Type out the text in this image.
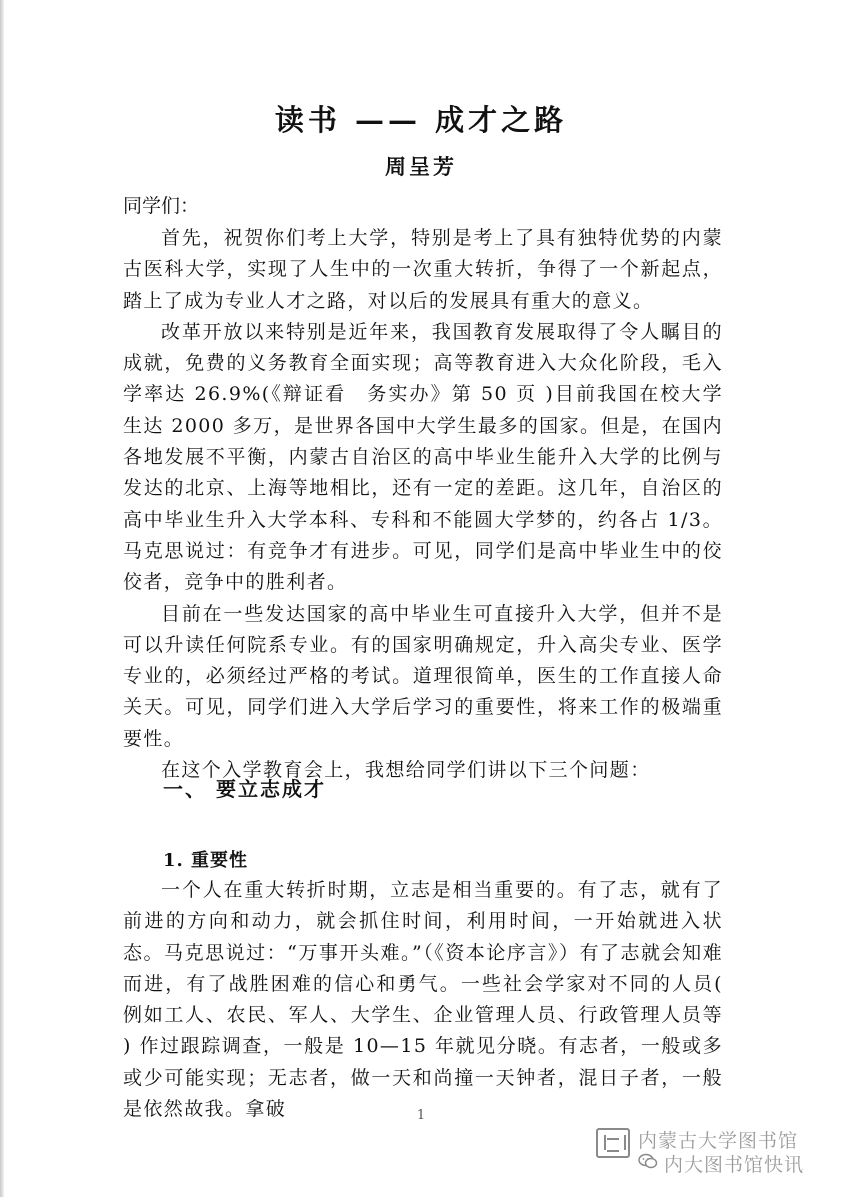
读书 —— 成才之路
周呈芳

同学们：

首先，祝贺你们考上大学，特别是考上了具有独特优势的内蒙古医科大学，实现了人生中的一次重大转折，争得了一个新起点，踏上了成为专业人才之路，对以后的发展具有重大的意义。

改革开放以来特别是近年来，我国教育发展取得了令人瞩目的成就，免费的义务教育全面实现；高等教育进入大众化阶段，毛入学率达 26.9%(《辩证看　务实办》第 50 页 )目前我国在校大学生达 2000 多万，是世界各国中大学生最多的国家。但是，在国内各地发展不平衡，内蒙古自治区的高中毕业生能升入大学的比例与发达的北京、上海等地相比，还有一定的差距。这几年，自治区的高中毕业生升入大学本科、专科和不能圆大学梦的，约各占 1/3。马克思说过：有竞争才有进步。可见，同学们是高中毕业生中的佼佼者，竞争中的胜利者。

目前在一些发达国家的高中毕业生可直接升入大学，但并不是可以升读任何院系专业。有的国家明确规定，升入高尖专业、医学专业的，必须经过严格的考试。道理很简单，医生的工作直接人命关天。可见，同学们进入大学后学习的重要性，将来工作的极端重要性。

在这个入学教育会上，我想给同学们讲以下三个问题：

一、 要立志成才
1. 重要性

一个人在重大转折时期，立志是相当重要的。有了志，就有了前进的方向和动力，就会抓住时间，利用时间，一开始就进入状态。马克思说过：“万事开头难。”（《资本论序言》）有了志就会知难而进，有了战胜困难的信心和勇气。一些社会学家对不同的人员( 例如工人、农民、军人、大学生、企业管理人员、行政管理人员等 ) 作过跟踪调查，一般是 10—15 年就见分晓。有志者，一般或多或少可能实现；无志者，做一天和尚撞一天钟者，混日子者，一般是依然故我。拿破	1
内蒙古大学图书馆
内大图书馆快讯
